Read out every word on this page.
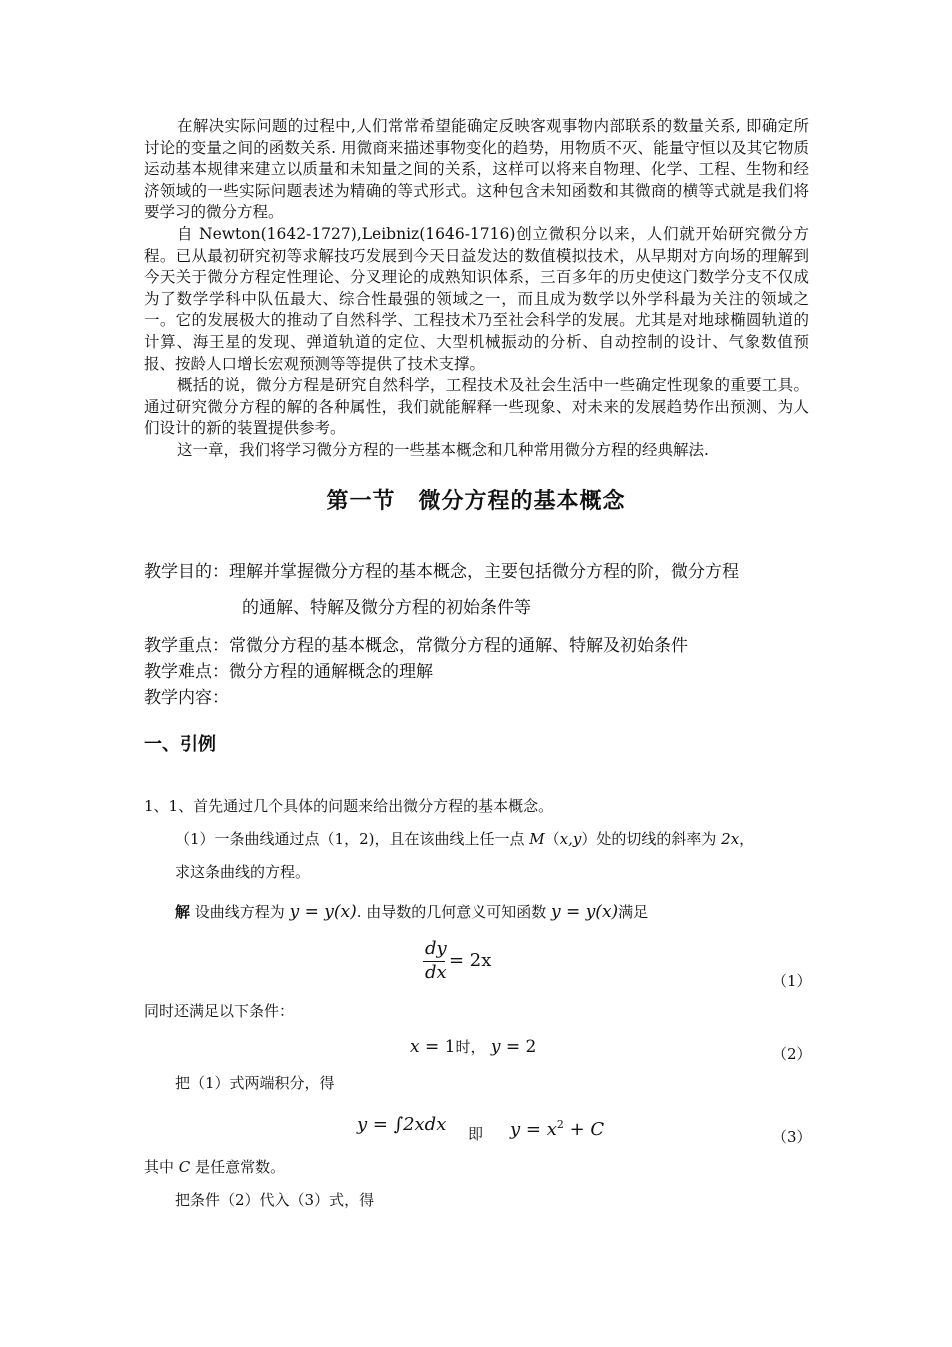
在解决实际问题的过程中,人们常常希望能确定反映客观事物内部联系的数量关系, 即确定所讨论的变量之间的函数关系. 用微商来描述事物变化的趋势，用物质不灭、能量守恒以及其它物质运动基本规律来建立以质量和未知量之间的关系，这样可以将来自物理、化学、工程、生物和经济领域的一些实际问题表述为精确的等式形式。这种包含未知函数和其微商的横等式就是我们将要学习的微分方程。

自 Newton(1642-1727),Leibniz(1646-1716)创立微积分以来，人们就开始研究微分方程。已从最初研究初等求解技巧发展到今天日益发达的数值模拟技术，从早期对方向场的理解到今天关于微分方程定性理论、分叉理论的成熟知识体系，三百多年的历史使这门数学分支不仅成为了数学学科中队伍最大、综合性最强的领域之一，而且成为数学以外学科最为关注的领域之一。它的发展极大的推动了自然科学、工程技术乃至社会科学的发展。尤其是对地球椭圆轨道的计算、海王星的发现、弹道轨道的定位、大型机械振动的分析、自动控制的设计、气象数值预报、按龄人口增长宏观预测等等提供了技术支撑。

概括的说，微分方程是研究自然科学，工程技术及社会生活中一些确定性现象的重要工具。通过研究微分方程的解的各种属性，我们就能解释一些现象、对未来的发展趋势作出预测、为人们设计的新的装置提供参考。

这一章，我们将学习微分方程的一些基本概念和几种常用微分方程的经典解法.

第一节　微分方程的基本概念
教学目的：理解并掌握微分方程的基本概念，主要包括微分方程的阶，微分方程
的通解、特解及微分方程的初始条件等
教学重点：常微分方程的基本概念，常微分方程的通解、特解及初始条件
教学难点：微分方程的通解概念的理解
教学内容：
一、引例
1、1、首先通过几个具体的问题来给出微分方程的基本概念。
（1）一条曲线通过点（1，2)，且在该曲线上任一点 M（x,y）处的切线的斜率为 2x，
求这条曲线的方程。
解 设曲线方程为 y = y(x). 由导数的几何意义可知函数 y = y(x)满足
dy
dx
= 2x
（1）
同时还满足以下条件：
x = 1时， y = 2	（2）
把（1）式两端积分，得
y = ∫2xdx 即 $y = x^2 + C$	（3）
其中 C 是任意常数。
把条件（2）代入（3）式，得
